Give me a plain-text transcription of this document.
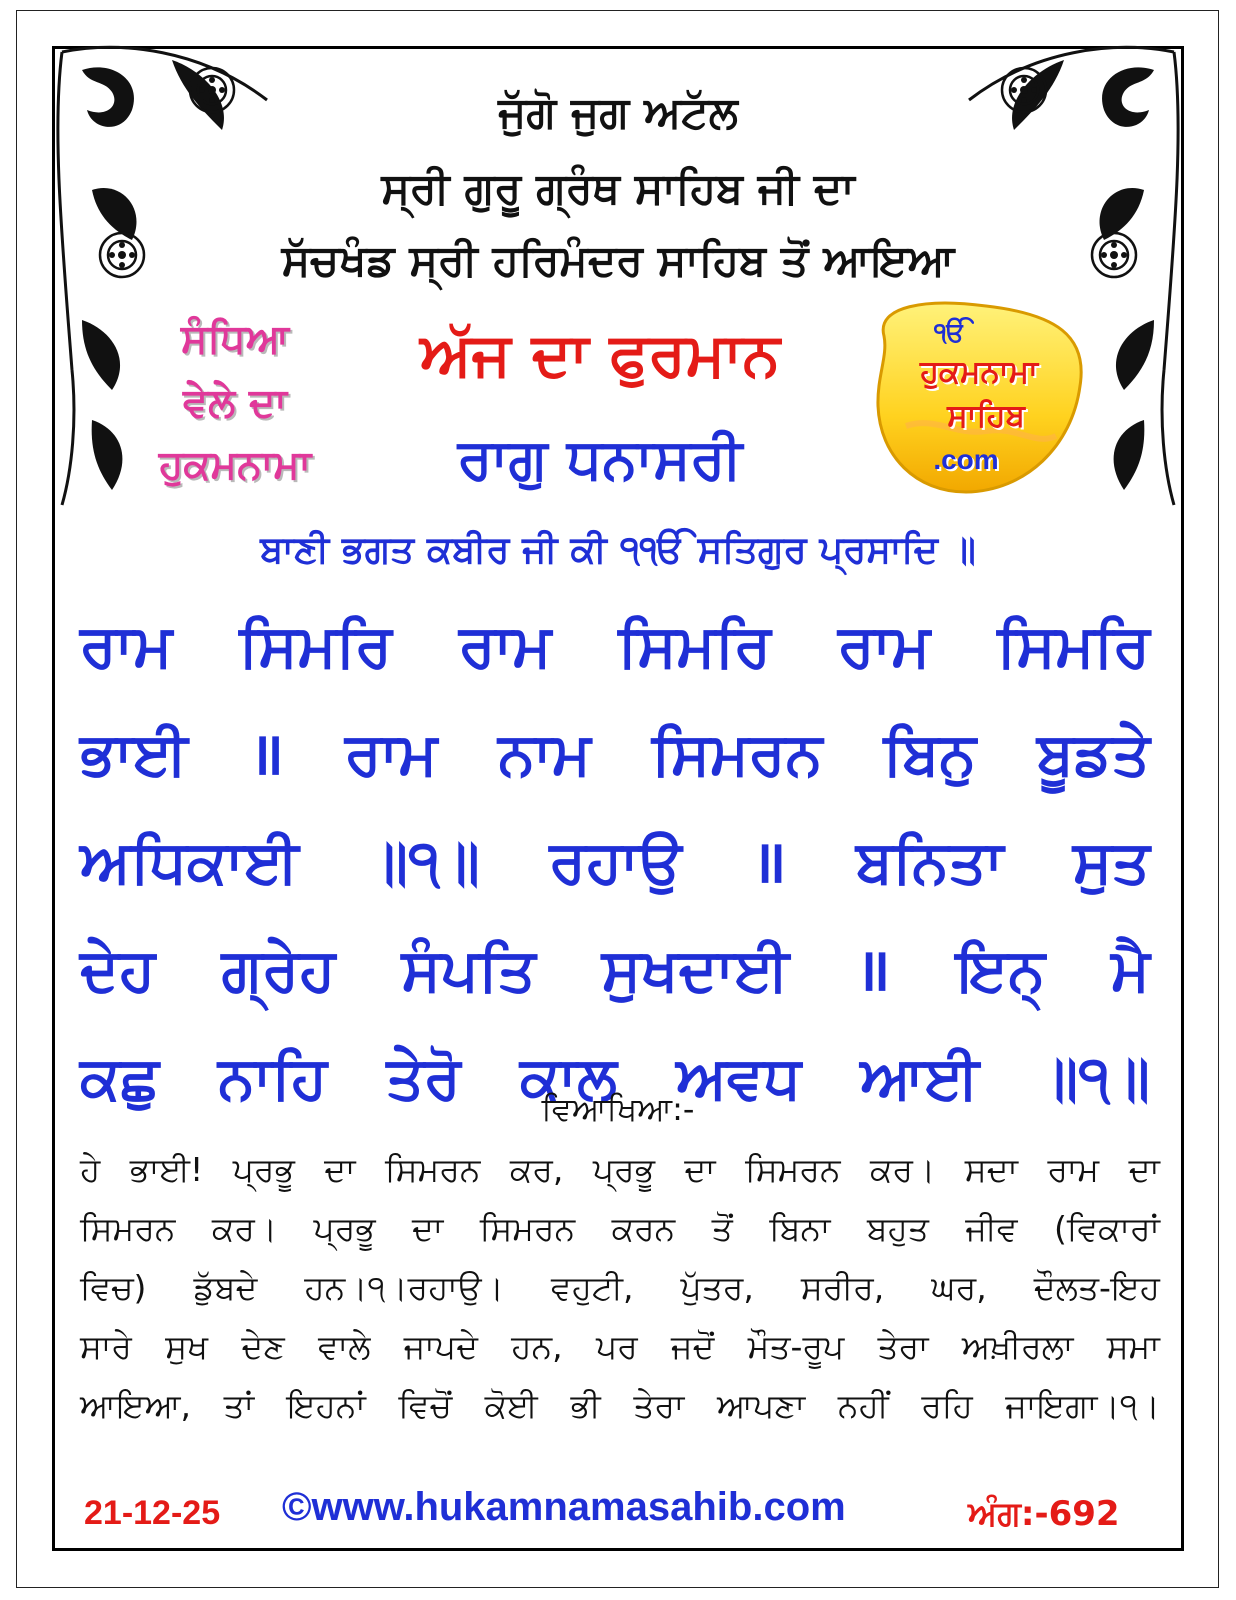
ਜੁੱਗੋ ਜੁਗ ਅਟੱਲ
ਸ੍ਰੀ ਗੁਰੂ ਗ੍ਰੰਥ ਸਾਹਿਬ ਜੀ ਦਾ
ਸੱਚਖੰਡ ਸ੍ਰੀ ਹਰਿਮੰਦਰ ਸਾਹਿਬ ਤੋਂ ਆਇਆ
ਸੰਧਿਆ
ਵੇਲੇ ਦਾ
ਹੁਕਮਨਾਮਾ
ਅੱਜ ਦਾ ਫੁਰਮਾਨ
ਰਾਗੁ ਧਨਾਸਰੀ
ੴ
ਹੁਕਮਨਾਮਾ
ਸਾਹਿਬ
.com
ਬਾਣੀ ਭਗਤ ਕਬੀਰ ਜੀ ਕੀ ੧ੴ ਸਤਿਗੁਰ ਪ੍ਰਸਾਦਿ ॥
ਰਾਮ ਸਿਮਰਿ ਰਾਮ ਸਿਮਰਿ ਰਾਮ ਸਿਮਰਿ
ਭਾਈ ॥ ਰਾਮ ਨਾਮ ਸਿਮਰਨ ਬਿਨੁ ਬੂਡਤੇ
ਅਧਿਕਾਈ ॥੧॥ ਰਹਾਉ ॥ ਬਨਿਤਾ ਸੁਤ
ਦੇਹ ਗ੍ਰੇਹ ਸੰਪਤਿ ਸੁਖਦਾਈ ॥ ਇਨ੍ ਮੈ
ਕਛੁ ਨਾਹਿ ਤੇਰੋ ਕਾਲ ਅਵਧ ਆਈ ॥੧॥
ਵਿਆਖਿਆ:-
ਹੇ ਭਾਈ! ਪ੍ਰਭੂ ਦਾ ਸਿਮਰਨ ਕਰ, ਪ੍ਰਭੂ ਦਾ ਸਿਮਰਨ ਕਰ। ਸਦਾ ਰਾਮ ਦਾ
ਸਿਮਰਨ ਕਰ। ਪ੍ਰਭੂ ਦਾ ਸਿਮਰਨ ਕਰਨ ਤੋਂ ਬਿਨਾ ਬਹੁਤ ਜੀਵ (ਵਿਕਾਰਾਂ
ਵਿਚ) ਡੁੱਬਦੇ ਹਨ।੧।ਰਹਾਉ। ਵਹੁਟੀ, ਪੁੱਤਰ, ਸਰੀਰ, ਘਰ, ਦੌਲਤ-ਇਹ
ਸਾਰੇ ਸੁਖ ਦੇਣ ਵਾਲੇ ਜਾਪਦੇ ਹਨ, ਪਰ ਜਦੋਂ ਮੌਤ-ਰੂਪ ਤੇਰਾ ਅਖ਼ੀਰਲਾ ਸਮਾ
ਆਇਆ, ਤਾਂ ਇਹਨਾਂ ਵਿਚੋਂ ਕੋਈ ਭੀ ਤੇਰਾ ਆਪਣਾ ਨਹੀਂ ਰਹਿ ਜਾਇਗਾ।੧।
21-12-25 ©www.hukamnamasahib.com	ਅੰਗ:-692
